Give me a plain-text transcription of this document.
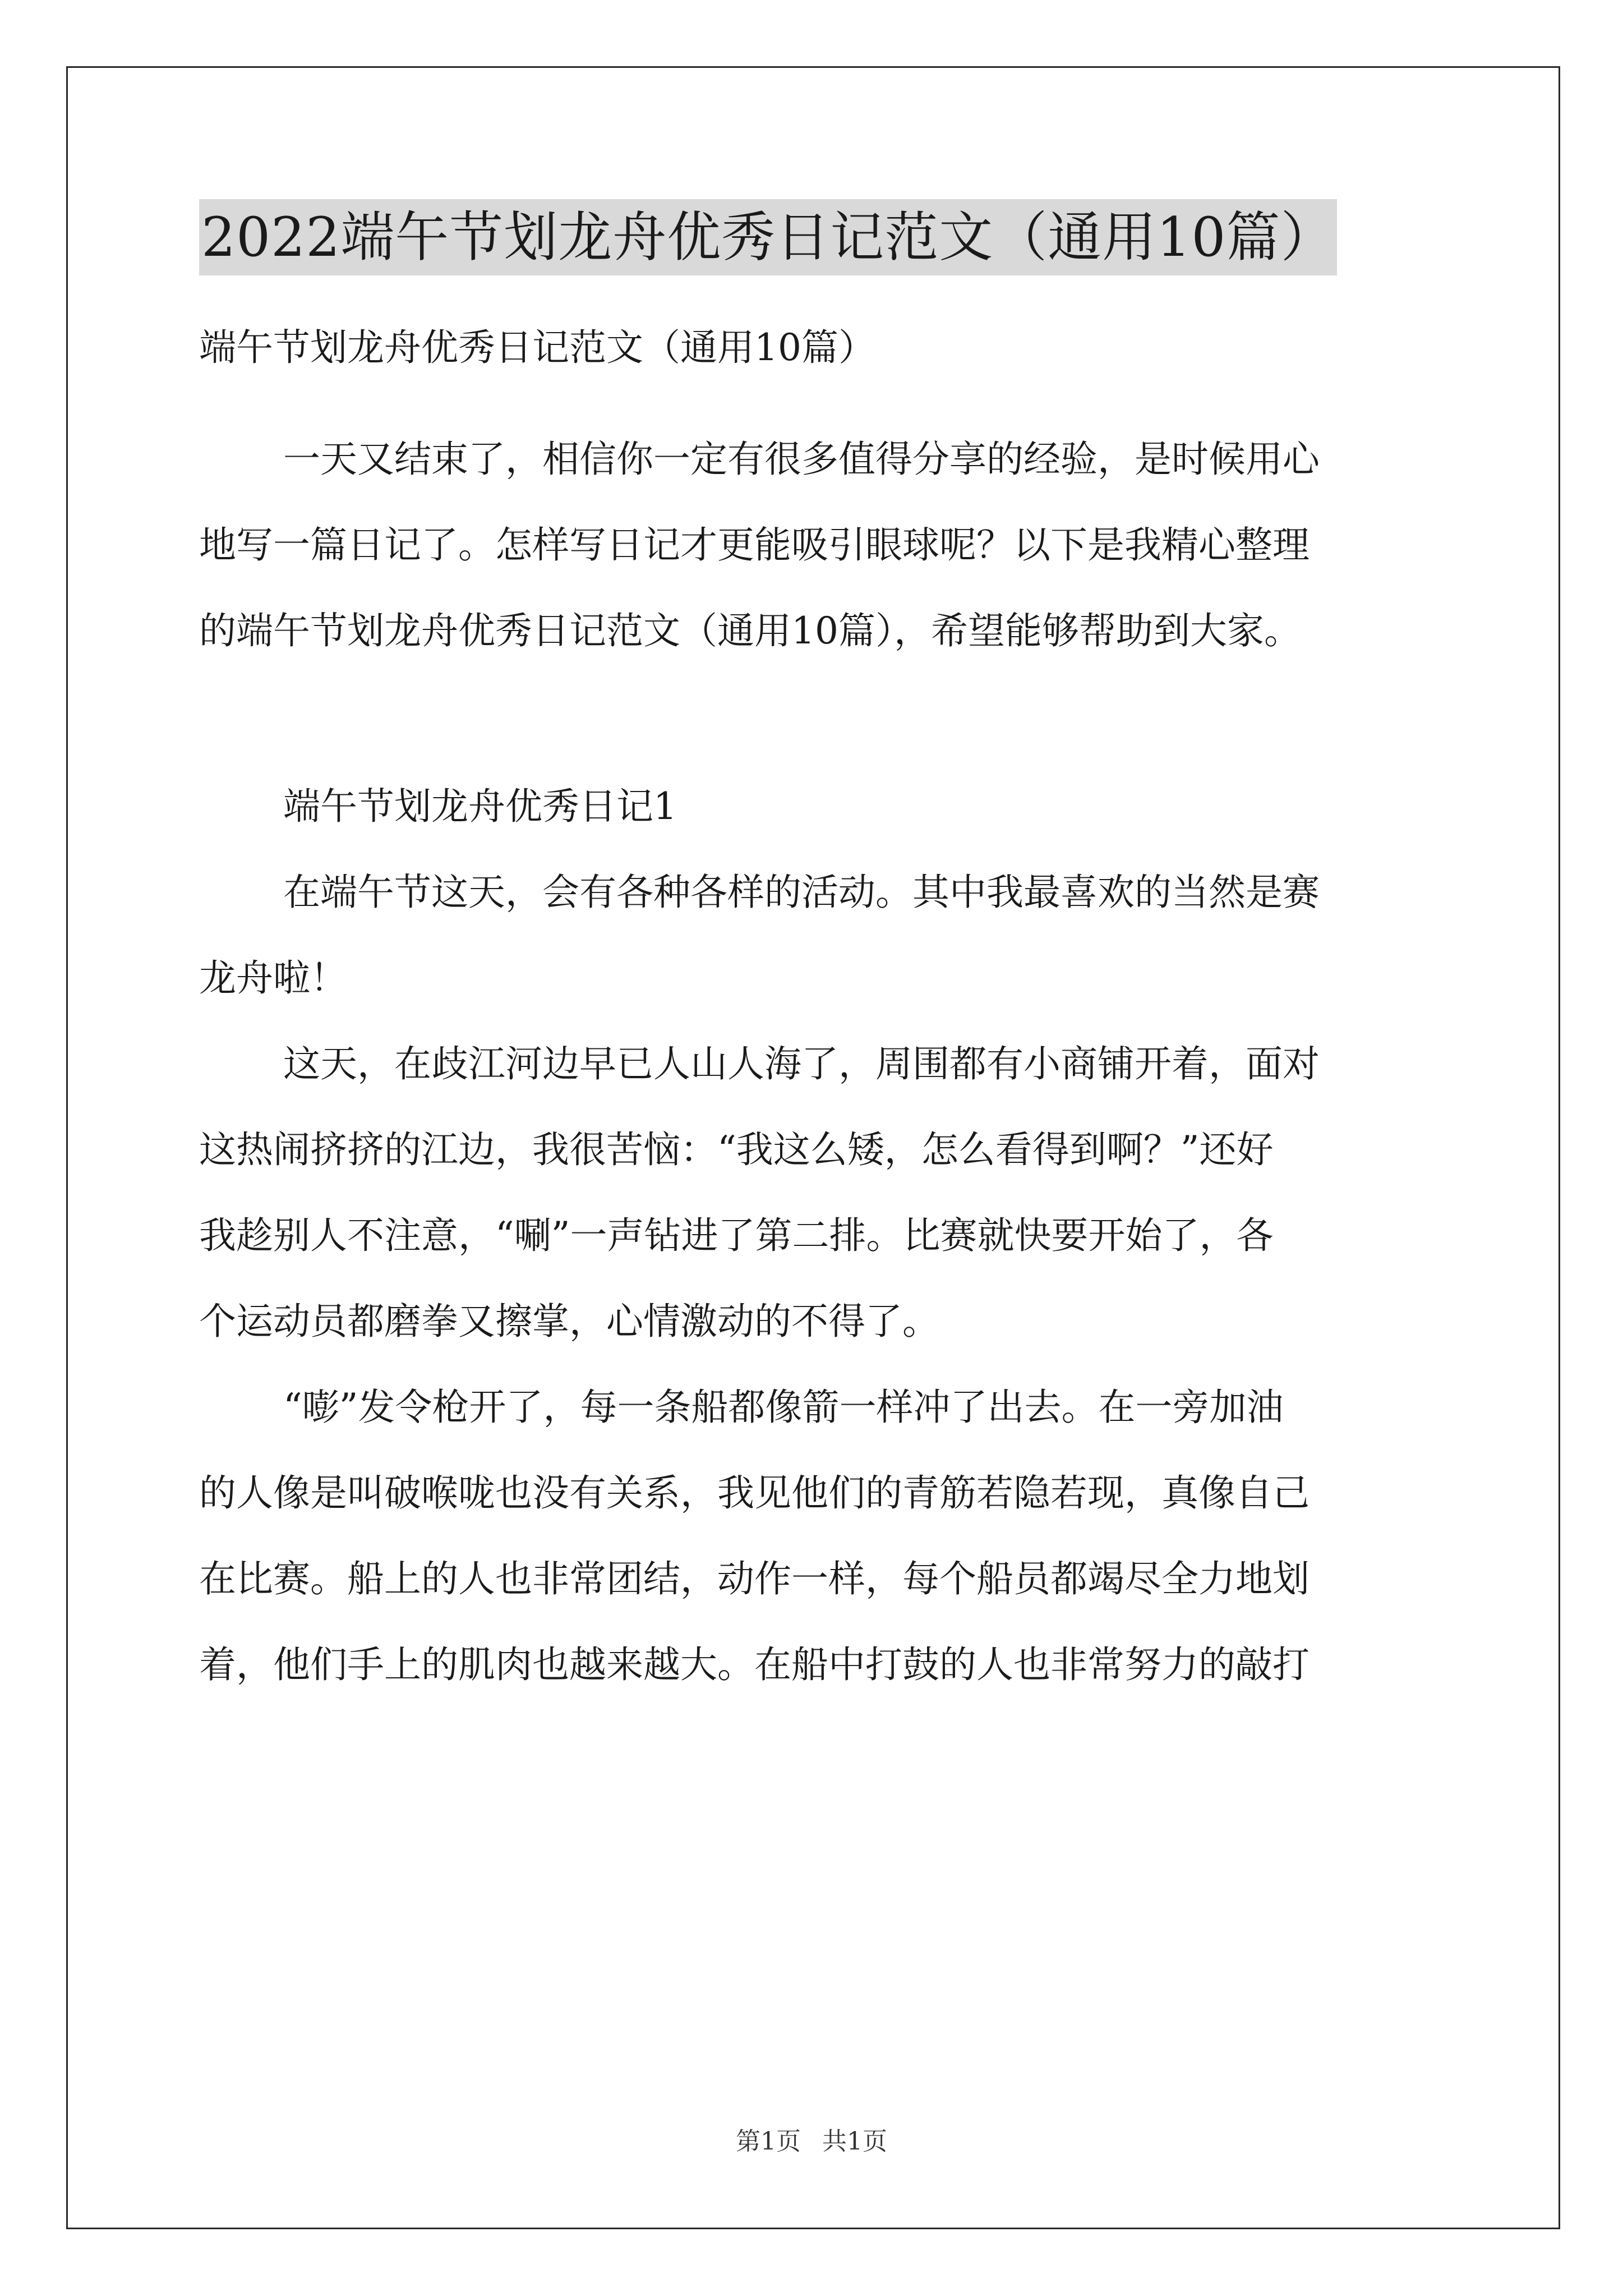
2022端午节划龙舟优秀日记范文（通用10篇）

端午节划龙舟优秀日记范文（通用10篇）

一天又结束了，相信你一定有很多值得分享的经验，是时候用心

地写一篇日记了。怎样写日记才更能吸引眼球呢？以下是我精心整理

的端午节划龙舟优秀日记范文（通用10篇），希望能够帮助到大家。

端午节划龙舟优秀日记1

在端午节这天，会有各种各样的活动。其中我最喜欢的当然是赛

龙舟啦！

这天，在歧江河边早已人山人海了，周围都有小商铺开着，面对

这热闹挤挤的江边，我很苦恼：“我这么矮，怎么看得到啊？”还好

我趁别人不注意，“唰”一声钻进了第二排。比赛就快要开始了，各

个运动员都磨拳又擦掌，心情激动的不得了。

“嘭”发令枪开了，每一条船都像箭一样冲了出去。在一旁加油

的人像是叫破喉咙也没有关系，我见他们的青筋若隐若现，真像自己

在比赛。船上的人也非常团结，动作一样，每个船员都竭尽全力地划

着，他们手上的肌肉也越来越大。在船中打鼓的人也非常努力的敲打

第1页 共1页
